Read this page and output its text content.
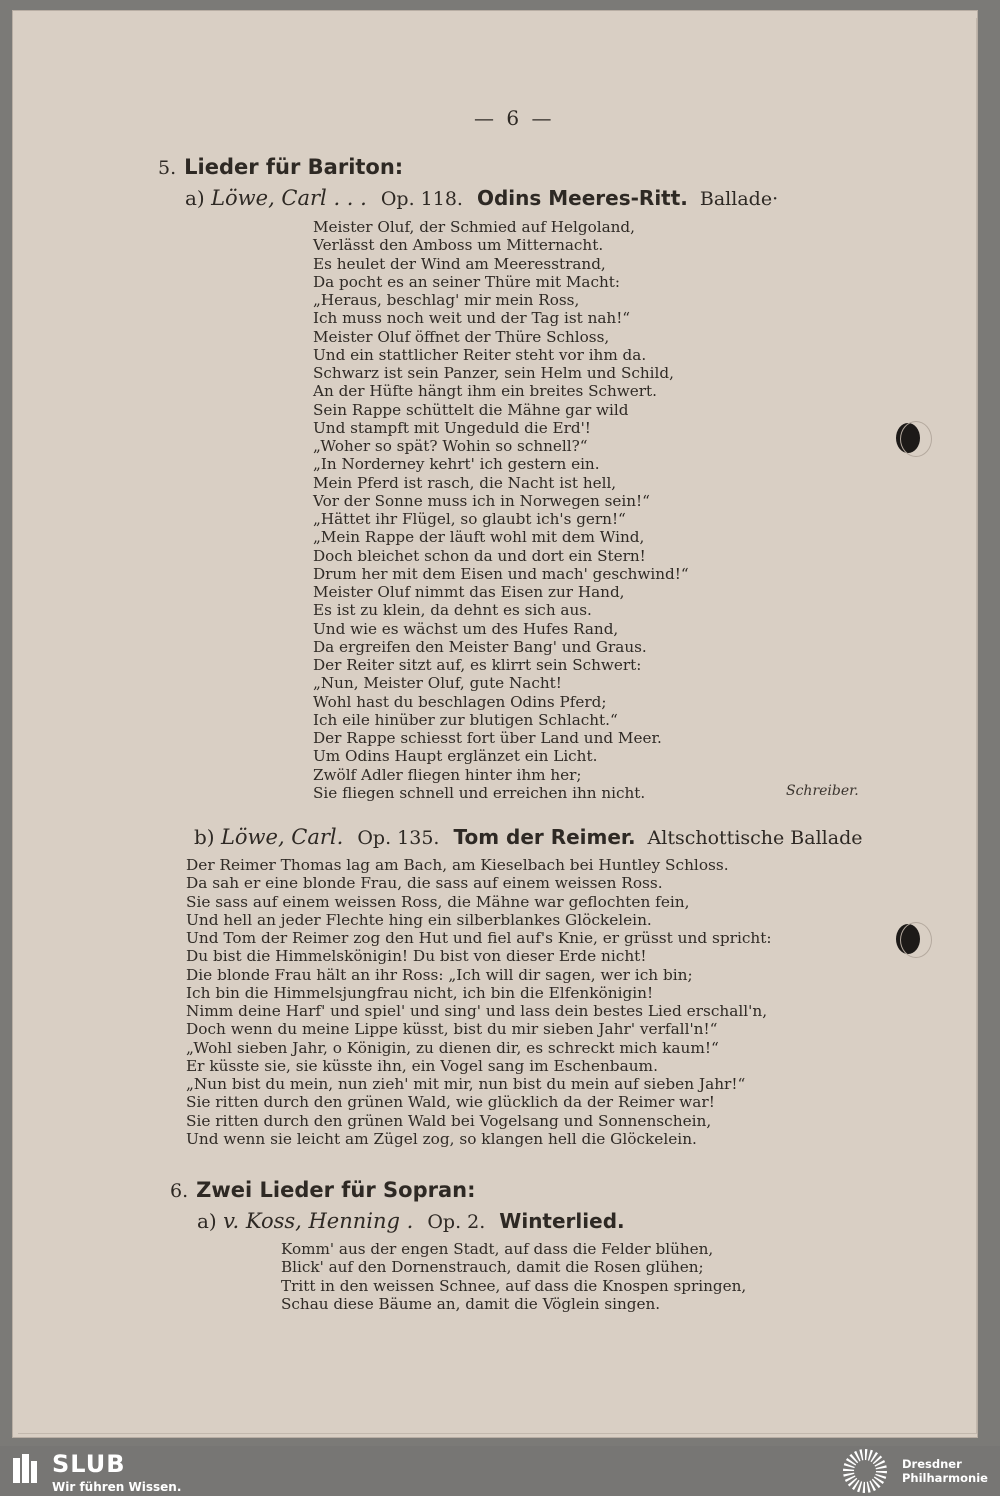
— 6 —
5. Lieder für Bariton:
a) Löwe, Carl . . . Op. 118. Odins Meeres-Ritt. Ballade·
Meister Oluf, der Schmied auf Helgoland,
Verlässt den Amboss um Mitternacht.
Es heulet der Wind am Meeresstrand,
Da pocht es an seiner Thüre mit Macht:
„Heraus, beschlag' mir mein Ross,
Ich muss noch weit und der Tag ist nah!“
Meister Oluf öffnet der Thüre Schloss,
Und ein stattlicher Reiter steht vor ihm da.
Schwarz ist sein Panzer, sein Helm und Schild,
An der Hüfte hängt ihm ein breites Schwert.
Sein Rappe schüttelt die Mähne gar wild
Und stampft mit Ungeduld die Erd'!
„Woher so spät? Wohin so schnell?“
„In Norderney kehrt' ich gestern ein.
Mein Pferd ist rasch, die Nacht ist hell,
Vor der Sonne muss ich in Norwegen sein!“
„Hättet ihr Flügel, so glaubt ich's gern!“
„Mein Rappe der läuft wohl mit dem Wind,
Doch bleichet schon da und dort ein Stern!
Drum her mit dem Eisen und mach' geschwind!“
Meister Oluf nimmt das Eisen zur Hand,
Es ist zu klein, da dehnt es sich aus.
Und wie es wächst um des Hufes Rand,
Da ergreifen den Meister Bang' und Graus.
Der Reiter sitzt auf, es klirrt sein Schwert:
„Nun, Meister Oluf, gute Nacht!
Wohl hast du beschlagen Odins Pferd;
Ich eile hinüber zur blutigen Schlacht.“
Der Rappe schiesst fort über Land und Meer.
Um Odins Haupt erglänzet ein Licht.
Zwölf Adler fliegen hinter ihm her;
Sie fliegen schnell und erreichen ihn nicht.	Schreiber.
b) Löwe, Carl. Op. 135. Tom der Reimer. Altschottische Ballade
Der Reimer Thomas lag am Bach, am Kieselbach bei Huntley Schloss.
Da sah er eine blonde Frau, die sass auf einem weissen Ross.
Sie sass auf einem weissen Ross, die Mähne war geflochten fein,
Und hell an jeder Flechte hing ein silberblankes Glöckelein.
Und Tom der Reimer zog den Hut und fiel auf's Knie, er grüsst und spricht:
Du bist die Himmelskönigin! Du bist von dieser Erde nicht!
Die blonde Frau hält an ihr Ross: „Ich will dir sagen, wer ich bin;
Ich bin die Himmelsjungfrau nicht, ich bin die Elfenkönigin!
Nimm deine Harf' und spiel' und sing' und lass dein bestes Lied erschall'n,
Doch wenn du meine Lippe küsst, bist du mir sieben Jahr' verfall'n!“
„Wohl sieben Jahr, o Königin, zu dienen dir, es schreckt mich kaum!“
Er küsste sie, sie küsste ihn, ein Vogel sang im Eschenbaum.
„Nun bist du mein, nun zieh' mit mir, nun bist du mein auf sieben Jahr!“
Sie ritten durch den grünen Wald, wie glücklich da der Reimer war!
Sie ritten durch den grünen Wald bei Vogelsang und Sonnenschein,
Und wenn sie leicht am Zügel zog, so klangen hell die Glöckelein.
6. Zwei Lieder für Sopran:
a) v. Koss, Henning . Op. 2. Winterlied.
Komm' aus der engen Stadt, auf dass die Felder blühen,
Blick' auf den Dornenstrauch, damit die Rosen glühen;
Tritt in den weissen Schnee, auf dass die Knospen springen,
Schau diese Bäume an, damit die Vöglein singen.
SLUB
Wir führen Wissen.
Dresdner
Philharmonie
